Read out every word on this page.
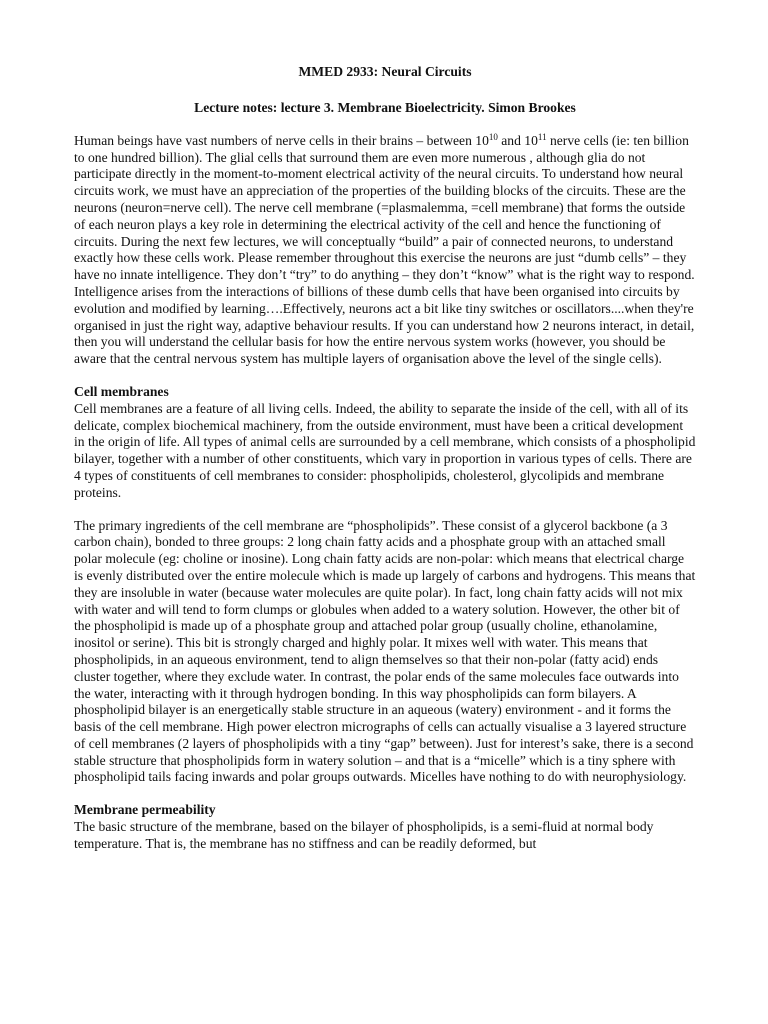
MMED 2933: Neural Circuits

Lecture notes: lecture 3. Membrane Bioelectricity. Simon Brookes

Human beings have vast numbers of nerve cells in their brains – between $10^{10}$ and $10^{11}$ nerve cells (ie: ten billion to one hundred billion). The glial cells that surround them are even more numerous , although glia do not participate directly in the moment-to-moment electrical activity of the neural circuits. To understand how neural circuits work, we must have an appreciation of the properties of the building blocks of the circuits. These are the neurons (neuron=nerve cell). The nerve cell membrane (=plasmalemma, =cell membrane) that forms the outside of each neuron plays a key role in determining the electrical activity of the cell and hence the functioning of circuits. During the next few lectures, we will conceptually “build” a pair of connected neurons, to understand exactly how these cells work. Please remember throughout this exercise the neurons are just “dumb cells” – they have no innate intelligence. They don’t “try” to do anything – they don’t “know” what is the right way to respond. Intelligence arises from the interactions of billions of these dumb cells that have been organised into circuits by evolution and modified by learning….Effectively, neurons act a bit like tiny switches or oscillators....when they're organised in just the right way, adaptive behaviour results. If you can understand how 2 neurons interact, in detail, then you will understand the cellular basis for how the entire nervous system works (however, you should be aware that the central nervous system has multiple layers of organisation above the level of the single cells).

Cell membranes

Cell membranes are a feature of all living cells. Indeed, the ability to separate the inside of the cell, with all of its delicate, complex biochemical machinery, from the outside environment, must have been a critical development in the origin of life. All types of animal cells are surrounded by a cell membrane, which consists of a phospholipid bilayer, together with a number of other constituents, which vary in proportion in various types of cells. There are 4 types of constituents of cell membranes to consider: phospholipids, cholesterol, glycolipids and membrane proteins.

The primary ingredients of the cell membrane are “phospholipids”. These consist of a glycerol backbone (a 3 carbon chain), bonded to three groups: 2 long chain fatty acids and a phosphate group with an attached small polar molecule (eg: choline or inosine). Long chain fatty acids are non-polar: which means that electrical charge is evenly distributed over the entire molecule which is made up largely of carbons and hydrogens. This means that they are insoluble in water (because water molecules are quite polar). In fact, long chain fatty acids will not mix with water and will tend to form clumps or globules when added to a watery solution. However, the other bit of the phospholipid is made up of a phosphate group and attached polar group (usually choline, ethanolamine, inositol or serine). This bit is strongly charged and highly polar. It mixes well with water. This means that phospholipids, in an aqueous environment, tend to align themselves so that their non-polar (fatty acid) ends cluster together, where they exclude water. In contrast, the polar ends of the same molecules face outwards into the water, interacting with it through hydrogen bonding. In this way phospholipids can form bilayers. A phospholipid bilayer is an energetically stable structure in an aqueous (watery) environment - and it forms the basis of the cell membrane. High power electron micrographs of cells can actually visualise a 3 layered structure of cell membranes (2 layers of phospholipids with a tiny “gap” between). Just for interest’s sake, there is a second stable structure that phospholipids form in watery solution – and that is a “micelle” which is a tiny sphere with phospholipid tails facing inwards and polar groups outwards. Micelles have nothing to do with neurophysiology.

Membrane permeability

The basic structure of the membrane, based on the bilayer of phospholipids, is a semi-fluid at normal body temperature. That is, the membrane has no stiffness and can be readily deformed, but
